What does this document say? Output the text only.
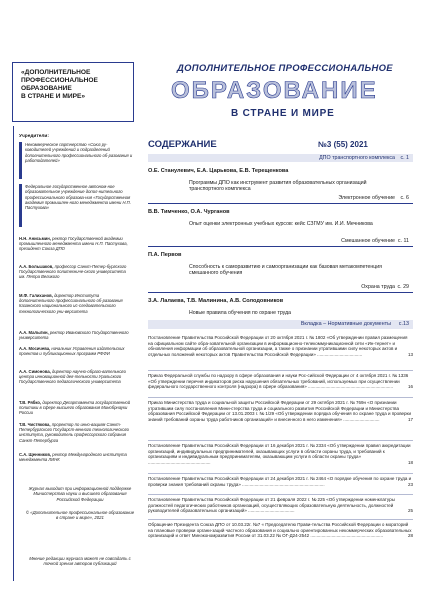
«ДОПОЛНИТЕЛЬНОЕ
ПРОФЕССИОНАЛЬНОЕ
ОБРАЗОВАНИЕ
В СТРАНЕ И МИРЕ»
Учредители:
Некоммерческое партнерство «Союз ру-ководителей учреждений и подразделений дополнительного профессионального об-разования и работодателей»
Федеральное государственное автоном-ное образовательное учреждение допол-нительного профессионального образова-ния «Государственная академия промышлен-ного менеджмента имени Н.П. Пастухова»
Н.Н. Анисьмин, ректор Государственной академии промышленного менеджмента имени Н.П. Пастухова, президент Союза ДПО
А.А. Большаков, профессор Санкт-Петер-бургского Государственного политехниче-ского университета им. Петра Великого
М.Ф. Галиханов, директор Института дополнительного профессионального об-разования Казанского национального ис-следовательского технологического уни-верситета
А.А. Малыгин, ректор Ивановского Государственного университета
А.А. Мосичева, начальник Управления издательских проектов и публикационных программ РФФИ
А.А. Симонова, директор научно-образо-вательного центра инновационной дея-тельности Уральского Государственного педагогического университета
Т.В. Рябко, директор Департамента государственной политики в сфере высшего образования Минобрнауки России
Т.В. Чистякова, проректор по инно-вациям Санкт-Петербургского Государст-венного технологического института, руководитель профессорского собрания Санкт-Петербурга
С.А. Щенников, ректор Международного института менеджмента ЛИНК
Журнал выходит при информационной поддержке Министерства науки и высшего образования Российской Федерации
© «Дополнительное профессиональное образование в стране и мире», 2021
Мнение редакции журнала может не совпадать с точкой зрения авторов публикаций
ДОПОЛНИТЕЛЬНОЕ ПРОФЕССИОНАЛЬНОЕ
ОБРАЗОВАНИЕ
В СТРАНЕ И МИРЕ
СОДЕРЖАНИЕ	№3 (55) 2021
ДПО транспортного комплекса с. 1
О.Е. Станулевич, Е.А. Царькова, Е.В. Терещенкова
Программы ДПО как инструмент развития образовательных организаций транспортного комплекса
Электронное обучение с. 6
В.В. Тимченко, О.А. Чурганов
Опыт оценки электронных учебных курсов: кейс СЗГМУ им. И.И. Мечникова
Смешанное обучение с. 11
П.А. Первов
Способность к саморазвитию и самоорганизации как базовая метакомпетенция смешанного обучения
Охрана труда с. 29
З.А. Лалаева, Т.В. Малинина, А.В. Солодовников
Новые правила обучения по охране труда
Вкладка – Нормативные документы с.13
Постановление Правительства Российской Федерации от 20 октября 2021 г. № 1802 «Об утверждении правил размещения на официальном сайте обра-зовательной организации в информационно-телекоммуникационной сети «Ин-тернет» и обновления информации об образовательной организации, а также о признании утратившими силу некоторых актов и отдельных положений некоторых актов Правительства Российской Федерации» ....................................	13
Приказ Федеральной службы по надзору в сфере образования и науки Рос-сийской Федерации от 4 октября 2021 г. № 1336 «Об утверждении перечня индикаторов риска нарушения обязательных требований, используемых при осуществлении федерального государственного контроля (надзора) в сфере образования» ....................................................................	16
Приказ Министерства труда и социальной защиты Российской Федерации от 29 октября 2021 г. № 769н «О признании утратившим силу постановления Мини-стерства труда и социального развития Российской Федерации и Министерства образования Российской Федерации от 13.01.2003 г. № 1/29 «Об утверждении порядка обучения по охране труда и проверки знаний требований охраны труда работников организаций» и внесенного в него изменения» .............................	17
Постановление Правительства Российской Федерации от 16 декабря 2021 г. № 2334 «Об утверждении правил аккредитации организаций, индивидуальных предпринимателей, оказывающих услуги в области охраны труда, и требований к организациям и индивидуальным предпринимателям, оказывающим услуги в области охраны труда» ..................................................	18
Постановление Правительства Российской Федерации от 24 декабря 2021 г. № 2464 «О порядке обучения по охране труда и проверки знания требований охраны труда» ..................................................................	23
Постановление Правительства Российской Федерации от 21 февраля 2022 г. № 225 «Об утверждении номенклатуры должностей педагогических работников организаций, осуществляющих образовательную деятельность, должностей руководителей образовательных организаций» .....................................	25
Обращение Президента Союза ДПО от 10.03.22г. №7 « Председателю Прави-тельства Российской Федерации о мораторий на плановые проверки органи-заций частного образования и социально ориентированных некоммерческих образовательных организаций и ответ Минэкономразвития России от 31.03.22 № ОГ-Д24-2542 ..........................................................	28
